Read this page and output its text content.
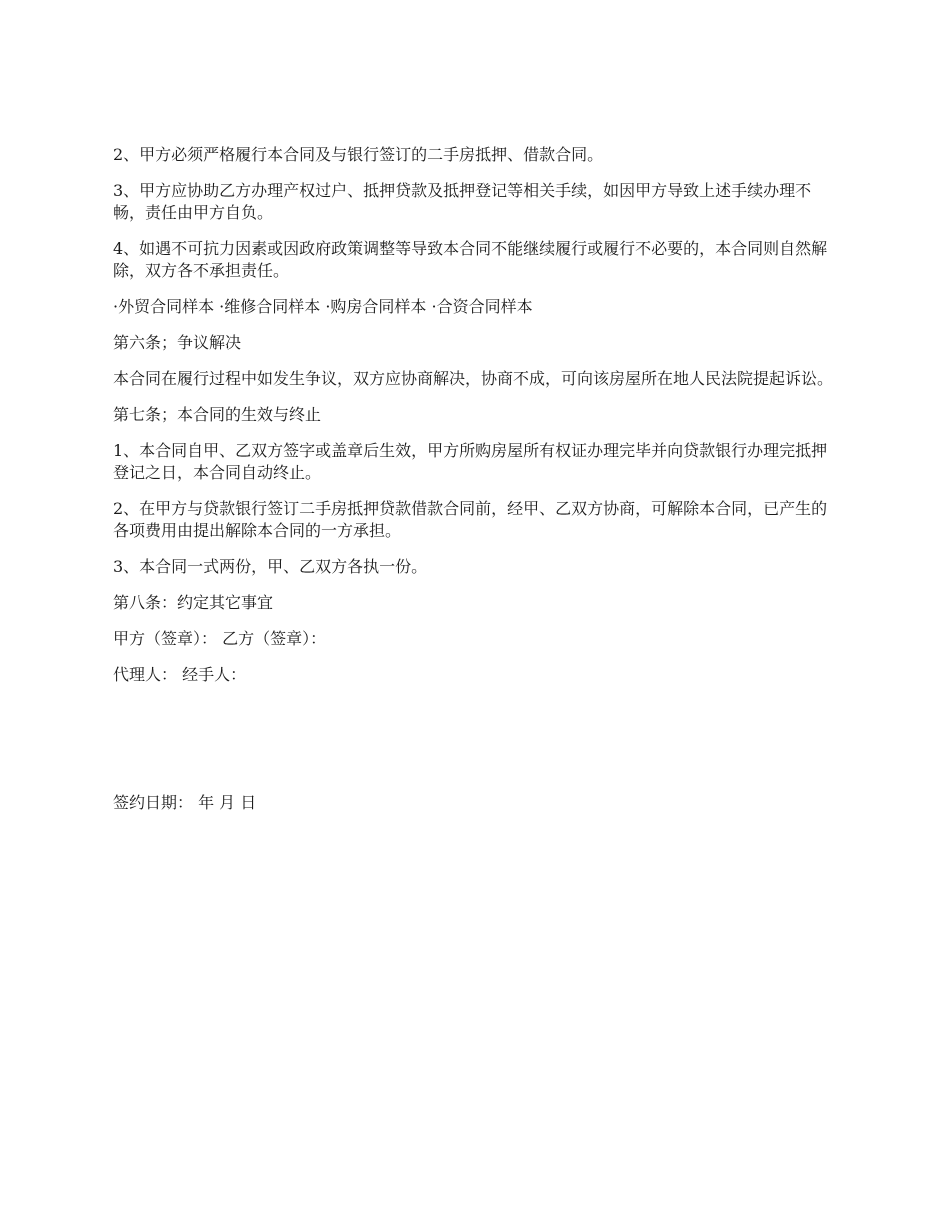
2、甲方必须严格履行本合同及与银行签订的二手房抵押、借款合同。

3、甲方应协助乙方办理产权过户、抵押贷款及抵押登记等相关手续，如因甲方导致上述手续办理不畅，责任由甲方自负。

4、如遇不可抗力因素或因政府政策调整等导致本合同不能继续履行或履行不必要的，本合同则自然解除，双方各不承担责任。

·外贸合同样本 ·维修合同样本 ·购房合同样本 ·合资合同样本

第六条；争议解决

本合同在履行过程中如发生争议，双方应协商解决，协商不成，可向该房屋所在地人民法院提起诉讼。

第七条；本合同的生效与终止

1、本合同自甲、乙双方签字或盖章后生效，甲方所购房屋所有权证办理完毕并向贷款银行办理完抵押登记之日，本合同自动终止。

2、在甲方与贷款银行签订二手房抵押贷款借款合同前，经甲、乙双方协商，可解除本合同，已产生的各项费用由提出解除本合同的一方承担。

3、本合同一式两份，甲、乙双方各执一份。

第八条：约定其它事宜

甲方（签章）： 乙方（签章）：

代理人： 经手人：

签约日期： 年 月 日
